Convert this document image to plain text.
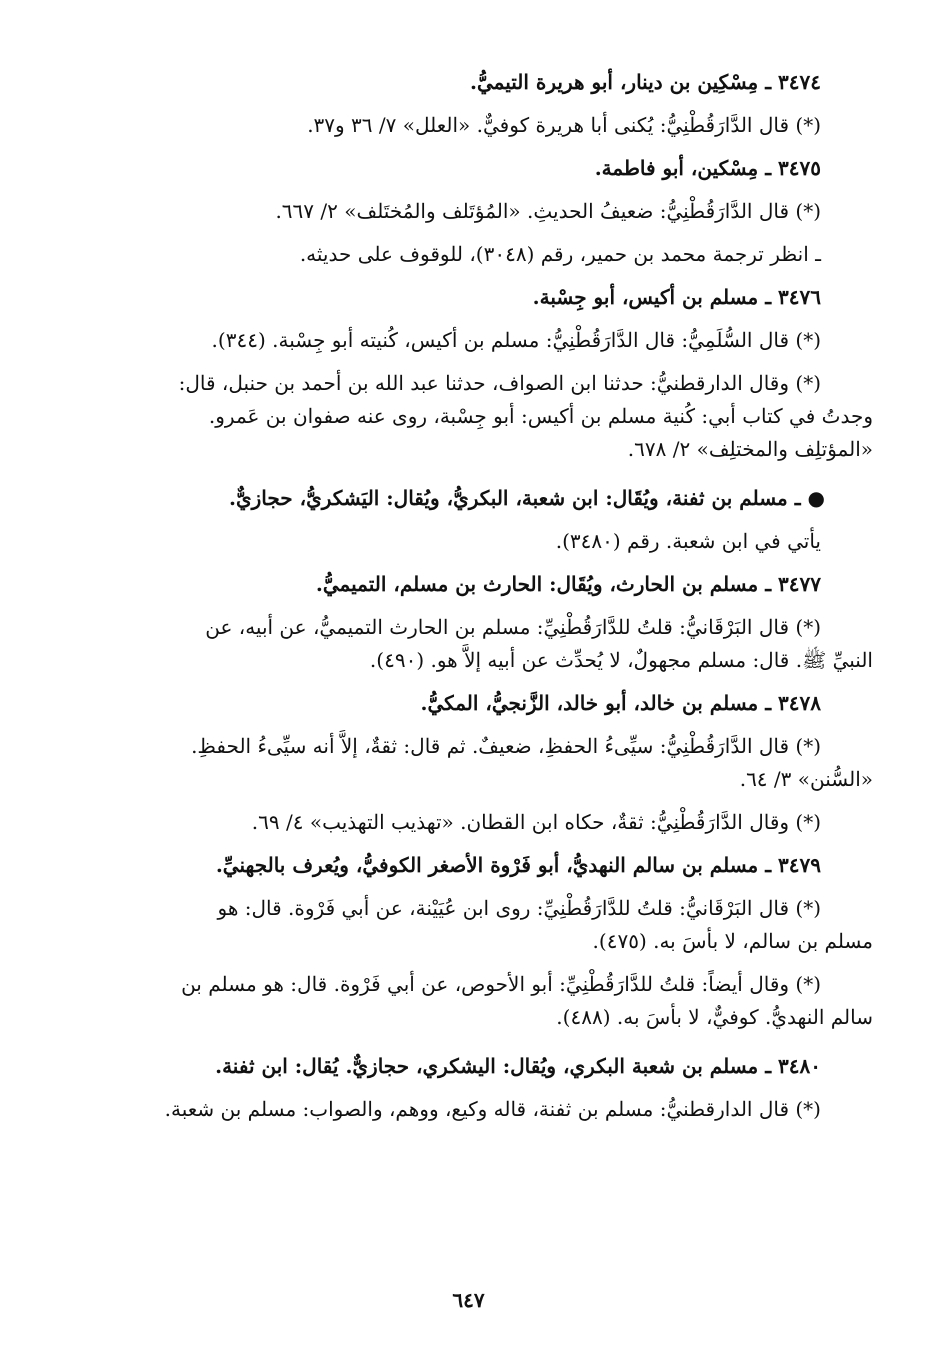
٣٤٧٤ ـ مِسْكِين بن دينار، أبو هريرة التيميُّ.

(*) قال الدَّارَقُطْنِيُّ: يُكنى أبا هريرة كوفيٌّ. «العلل» ٧/ ٣٦ و٣٧.

٣٤٧٥ ـ مِسْكين، أبو فاطمة.

(*) قال الدَّارَقُطْنِيُّ: ضعيفُ الحديثِ. «المُؤتَلف والمُختَلف» ٢/ ٦٦٧.

ـ انظر ترجمة محمد بن حمير، رقم (٣٠٤٨)، للوقوف على حديثه.

٣٤٧٦ ـ مسلم بن أكيس، أبو جِسْبة.

(*) قال السُّلَمِيُّ: قال الدَّارَقُطْنِيُّ: مسلم بن أكيس، كُنيته أبو جِسْبة. (٣٤٤).

(*) وقال الدارقطنيُّ: حدثنا ابن الصواف، حدثنا عبد الله بن أحمد بن حنبل، قال:

وجدتُ في كتاب أبي: كُنية مسلم بن أكيس: أبو جِسْبة، روى عنه صفوان بن عَمرو.

«المؤتلِف والمختلِف» ٢/ ٦٧٨.

● ـ مسلم بن ثفنة، ويُقَال: ابن شعبة، البكريُّ، ويُقال: اليَشكريُّ، حجازيٌّ.

يأتي في ابن شعبة. رقم (٣٤٨٠).

٣٤٧٧ ـ مسلم بن الحارث، ويُقَال: الحارث بن مسلم، التميميُّ.

(*) قال البَرْقَانيُّ: قلتُ للدَّارَقُطْنِيِّ: مسلم بن الحارث التميميُّ، عن أبيه، عن

النبيِّ ﷺ. قال: مسلم مجهولٌ، لا يُحدِّث عن أبيه إلاَّ هو. (٤٩٠).

٣٤٧٨ ـ مسلم بن خالد، أبو خالد، الزَّنجيُّ، المكيُّ.

(*) قال الدَّارَقُطْنِيُّ: سيِّىءُ الحفظِ، ضعيفٌ. ثم قال: ثقةٌ، إلاَّ أنه سيِّىءُ الحفظِ.

«السُّنن» ٣/ ٦٤.

(*) وقال الدَّارَقُطْنِيُّ: ثقةٌ، حكاه ابن القطان. «تهذيب التهذيب» ٤/ ٦٩.

٣٤٧٩ ـ مسلم بن سالم النهديُّ، أبو فَرْوة الأصغر الكوفيُّ، ويُعرف بالجهنيِّ.

(*) قال البَرْقَانيُّ: قلتُ للدَّارَقُطْنِيِّ: روى ابن عُيَيْنة، عن أبي فَرْوة. قال: هو

مسلم بن سالم، لا بأسَ به. (٤٧٥).

(*) وقال أيضاً: قلتُ للدَّارَقُطْنِيِّ: أبو الأحوص، عن أبي فَرْوة. قال: هو مسلم بن

سالم النهديُّ. كوفيٌّ، لا بأسَ به. (٤٨٨).

٣٤٨٠ ـ مسلم بن شعبة البكري، ويُقال: اليشكري، حجازيٌّ. يُقال: ابن ثفنة.

(*) قال الدارقطنيُّ: مسلم بن ثفنة، قاله وكيع، ووهم، والصواب: مسلم بن شعبة.

٦٤٧
